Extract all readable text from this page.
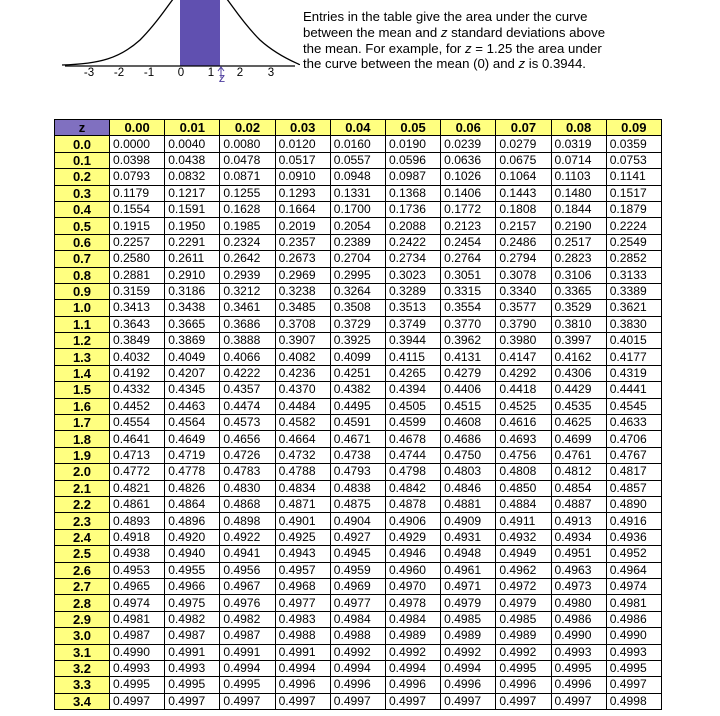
-3 -2 -1 0 1 2 3
z

Entries in the table give the area under the curve
between the mean and z standard deviations above
the mean. For example, for z = 1.25 the area under
the curve between the mean (0) and z is 0.3944.

z	0.00	0.01	0.02	0.03	0.04	0.05	0.06	0.07	0.08	0.09
0.0	0.0000	0.0040	0.0080	0.0120	0.0160	0.0190	0.0239	0.0279	0.0319	0.0359
0.1	0.0398	0.0438	0.0478	0.0517	0.0557	0.0596	0.0636	0.0675	0.0714	0.0753
0.2	0.0793	0.0832	0.0871	0.0910	0.0948	0.0987	0.1026	0.1064	0.1103	0.1141
0.3	0.1179	0.1217	0.1255	0.1293	0.1331	0.1368	0.1406	0.1443	0.1480	0.1517
0.4	0.1554	0.1591	0.1628	0.1664	0.1700	0.1736	0.1772	0.1808	0.1844	0.1879
0.5	0.1915	0.1950	0.1985	0.2019	0.2054	0.2088	0.2123	0.2157	0.2190	0.2224
0.6	0.2257	0.2291	0.2324	0.2357	0.2389	0.2422	0.2454	0.2486	0.2517	0.2549
0.7	0.2580	0.2611	0.2642	0.2673	0.2704	0.2734	0.2764	0.2794	0.2823	0.2852
0.8	0.2881	0.2910	0.2939	0.2969	0.2995	0.3023	0.3051	0.3078	0.3106	0.3133
0.9	0.3159	0.3186	0.3212	0.3238	0.3264	0.3289	0.3315	0.3340	0.3365	0.3389
1.0	0.3413	0.3438	0.3461	0.3485	0.3508	0.3513	0.3554	0.3577	0.3529	0.3621
1.1	0.3643	0.3665	0.3686	0.3708	0.3729	0.3749	0.3770	0.3790	0.3810	0.3830
1.2	0.3849	0.3869	0.3888	0.3907	0.3925	0.3944	0.3962	0.3980	0.3997	0.4015
1.3	0.4032	0.4049	0.4066	0.4082	0.4099	0.4115	0.4131	0.4147	0.4162	0.4177
1.4	0.4192	0.4207	0.4222	0.4236	0.4251	0.4265	0.4279	0.4292	0.4306	0.4319
1.5	0.4332	0.4345	0.4357	0.4370	0.4382	0.4394	0.4406	0.4418	0.4429	0.4441
1.6	0.4452	0.4463	0.4474	0.4484	0.4495	0.4505	0.4515	0.4525	0.4535	0.4545
1.7	0.4554	0.4564	0.4573	0.4582	0.4591	0.4599	0.4608	0.4616	0.4625	0.4633
1.8	0.4641	0.4649	0.4656	0.4664	0.4671	0.4678	0.4686	0.4693	0.4699	0.4706
1.9	0.4713	0.4719	0.4726	0.4732	0.4738	0.4744	0.4750	0.4756	0.4761	0.4767
2.0	0.4772	0.4778	0.4783	0.4788	0.4793	0.4798	0.4803	0.4808	0.4812	0.4817
2.1	0.4821	0.4826	0.4830	0.4834	0.4838	0.4842	0.4846	0.4850	0.4854	0.4857
2.2	0.4861	0.4864	0.4868	0.4871	0.4875	0.4878	0.4881	0.4884	0.4887	0.4890
2.3	0.4893	0.4896	0.4898	0.4901	0.4904	0.4906	0.4909	0.4911	0.4913	0.4916
2.4	0.4918	0.4920	0.4922	0.4925	0.4927	0.4929	0.4931	0.4932	0.4934	0.4936
2.5	0.4938	0.4940	0.4941	0.4943	0.4945	0.4946	0.4948	0.4949	0.4951	0.4952
2.6	0.4953	0.4955	0.4956	0.4957	0.4959	0.4960	0.4961	0.4962	0.4963	0.4964
2.7	0.4965	0.4966	0.4967	0.4968	0.4969	0.4970	0.4971	0.4972	0.4973	0.4974
2.8	0.4974	0.4975	0.4976	0.4977	0.4977	0.4978	0.4979	0.4979	0.4980	0.4981
2.9	0.4981	0.4982	0.4982	0.4983	0.4984	0.4984	0.4985	0.4985	0.4986	0.4986
3.0	0.4987	0.4987	0.4987	0.4988	0.4988	0.4989	0.4989	0.4989	0.4990	0.4990
3.1	0.4990	0.4991	0.4991	0.4991	0.4992	0.4992	0.4992	0.4992	0.4993	0.4993
3.2	0.4993	0.4993	0.4994	0.4994	0.4994	0.4994	0.4994	0.4995	0.4995	0.4995
3.3	0.4995	0.4995	0.4995	0.4996	0.4996	0.4996	0.4996	0.4996	0.4996	0.4997
3.4	0.4997	0.4997	0.4997	0.4997	0.4997	0.4997	0.4997	0.4997	0.4997	0.4998
